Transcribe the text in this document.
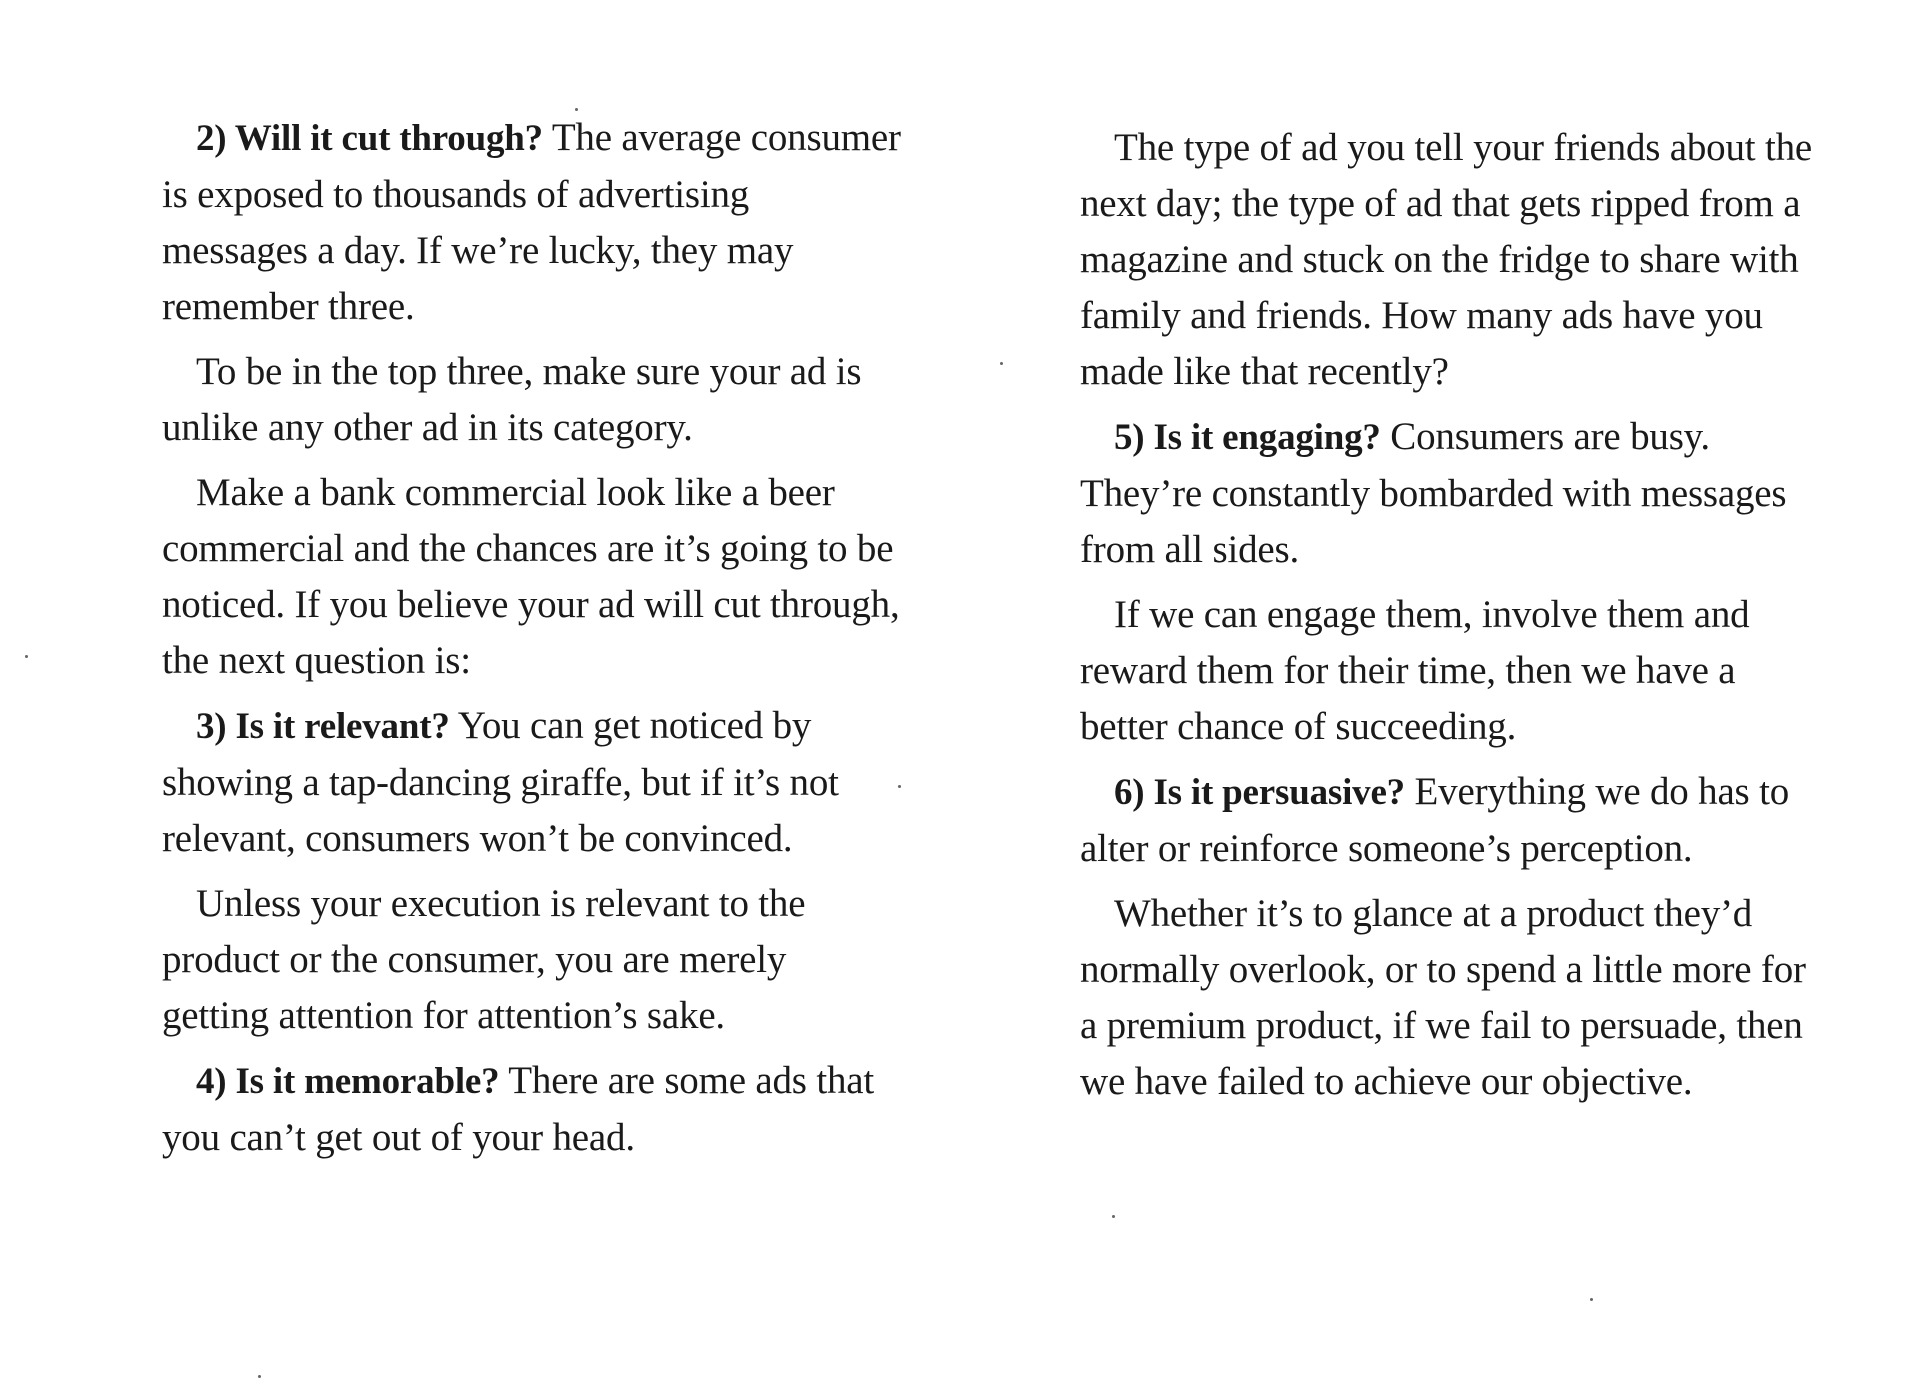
2) Will it cut through? The average consumer is exposed to thousands of advertising messages a day. If we’re lucky, they may remember three.

To be in the top three, make sure your ad is unlike any other ad in its category.

Make a bank commercial look like a beer commercial and the chances are it’s going to be noticed. If you believe your ad will cut through, the next question is:

3) Is it relevant? You can get noticed by showing a tap-dancing giraffe, but if it’s not relevant, consumers won’t be convinced.

Unless your execution is relevant to the product or the consumer, you are merely getting attention for attention’s sake.

4) Is it memorable? There are some ads that you can’t get out of your head.

The type of ad you tell your friends about the next day; the type of ad that gets ripped from a magazine and stuck on the fridge to share with family and friends. How many ads have you made like that recently?

5) Is it engaging? Consumers are busy. They’re constantly bombarded with messages from all sides.

If we can engage them, involve them and reward them for their time, then we have a better chance of succeeding.

6) Is it persuasive? Everything we do has to alter or reinforce someone’s perception.

Whether it’s to glance at a product they’d normally overlook, or to spend a little more for a premium product, if we fail to persuade, then we have failed to achieve our objective.
